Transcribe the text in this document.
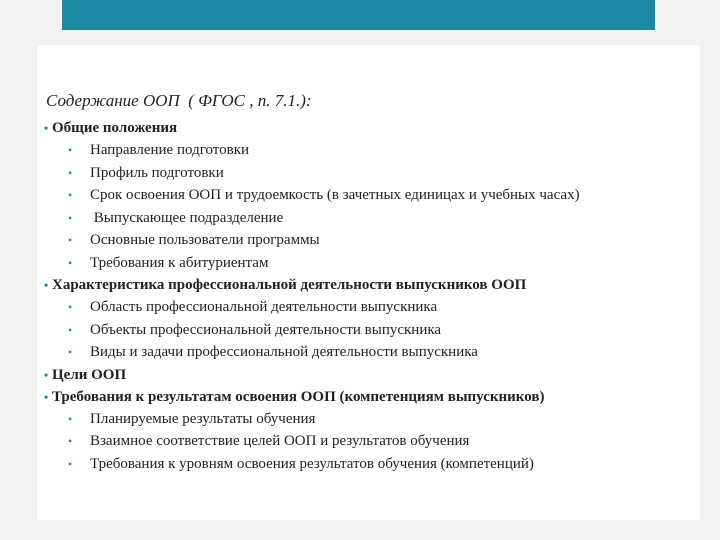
Содержание ООП  ( ФГОС , п. 7.1.):
• Общие положения
• Направление подготовки
• Профиль подготовки
• Срок освоения ООП и трудоемкость (в зачетных единицах и учебных часах)
• Выпускающее подразделение
• Основные пользователи программы
• Требования к абитуриентам
• Характеристика профессиональной деятельности выпускников ООП
• Область профессиональной деятельности выпускника
• Объекты профессиональной деятельности выпускника
• Виды и задачи профессиональной деятельности выпускника
• Цели ООП
• Требования к результатам освоения ООП (компетенциям выпускников)
• Планируемые результаты обучения
• Взаимное соответствие целей ООП и результатов обучения
• Требования к уровням освоения результатов обучения (компетенций)
